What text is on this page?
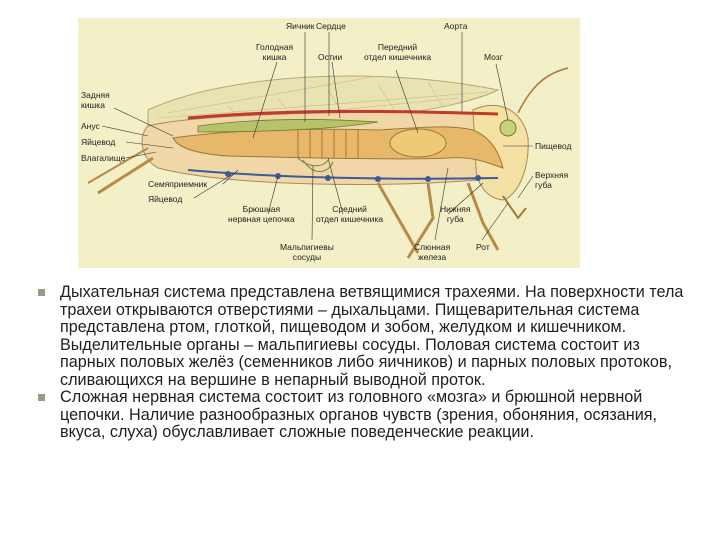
Яичник Сердце	Аорта
Голодная
кишка	Остии
Передний
отдел кишечника	Мозг
Задняя
кишка
Анус
Яйцевод
Влагалище
Семяприемник
Яйцевод
Брюшная
нервная цепочка
Средний
отдел кишечника
Нижняя
губа
Пищевод
Верхняя
губа
Мальпигиевы
сосуды
Слюнная
железа
Рот
Дыхательная система представлена ветвящимися трахеями. На поверхности тела трахеи открываются отверстиями – дыхальцами. Пищеварительная система представлена ртом, глоткой, пищеводом и зобом, желудком и кишечником. Выделительные органы – мальпигиевы сосуды. Половая система состоит из парных половых желёз (семенников либо яичников) и парных половых протоков, сливающихся на вершине в непарный выводной проток.
Сложная нервная система состоит из головного «мозга» и брюшной нервной цепочки. Наличие разнообразных органов чувств (зрения, обоняния, осязания, вкуса, слуха) обуславливает сложные поведенческие реакции.
